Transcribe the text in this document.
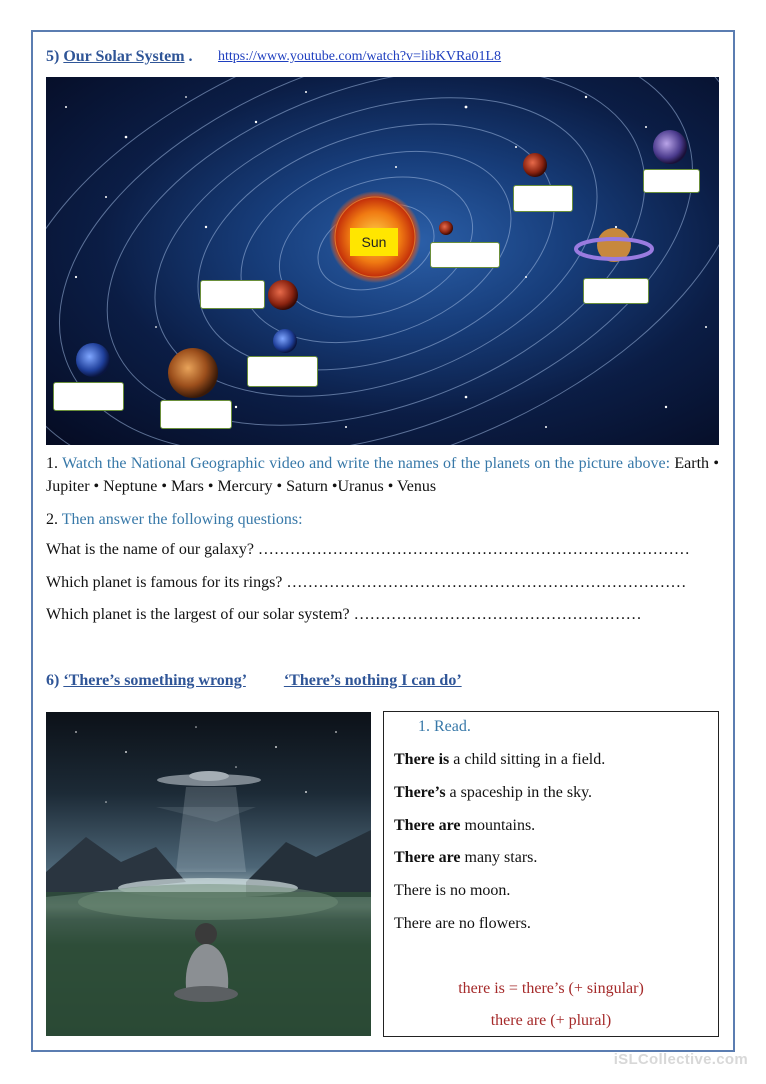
5) Our Solar System . https://www.youtube.com/watch?v=libKVRa01L8
Sun
1. Watch the National Geographic video and write the names of the planets on the picture above: Earth • Jupiter • Neptune • Mars • Mercury • Saturn •Uranus • Venus
2. Then answer the following questions:
What is the name of our galaxy? ………………………………………………………………………
Which planet is famous for its rings? …………………………………………………………………
Which planet is the largest of our solar system? ………………………………………………
6) ‘There’s something wrong’ ‘There’s nothing I can do’
1. Read.
There is a child sitting in a field.
There’s a spaceship in the sky.
There are mountains.
There are many stars.
There is no moon.
There are no flowers.
there is = there’s (+ singular)
there are (+ plural)
iSLCollective.com
